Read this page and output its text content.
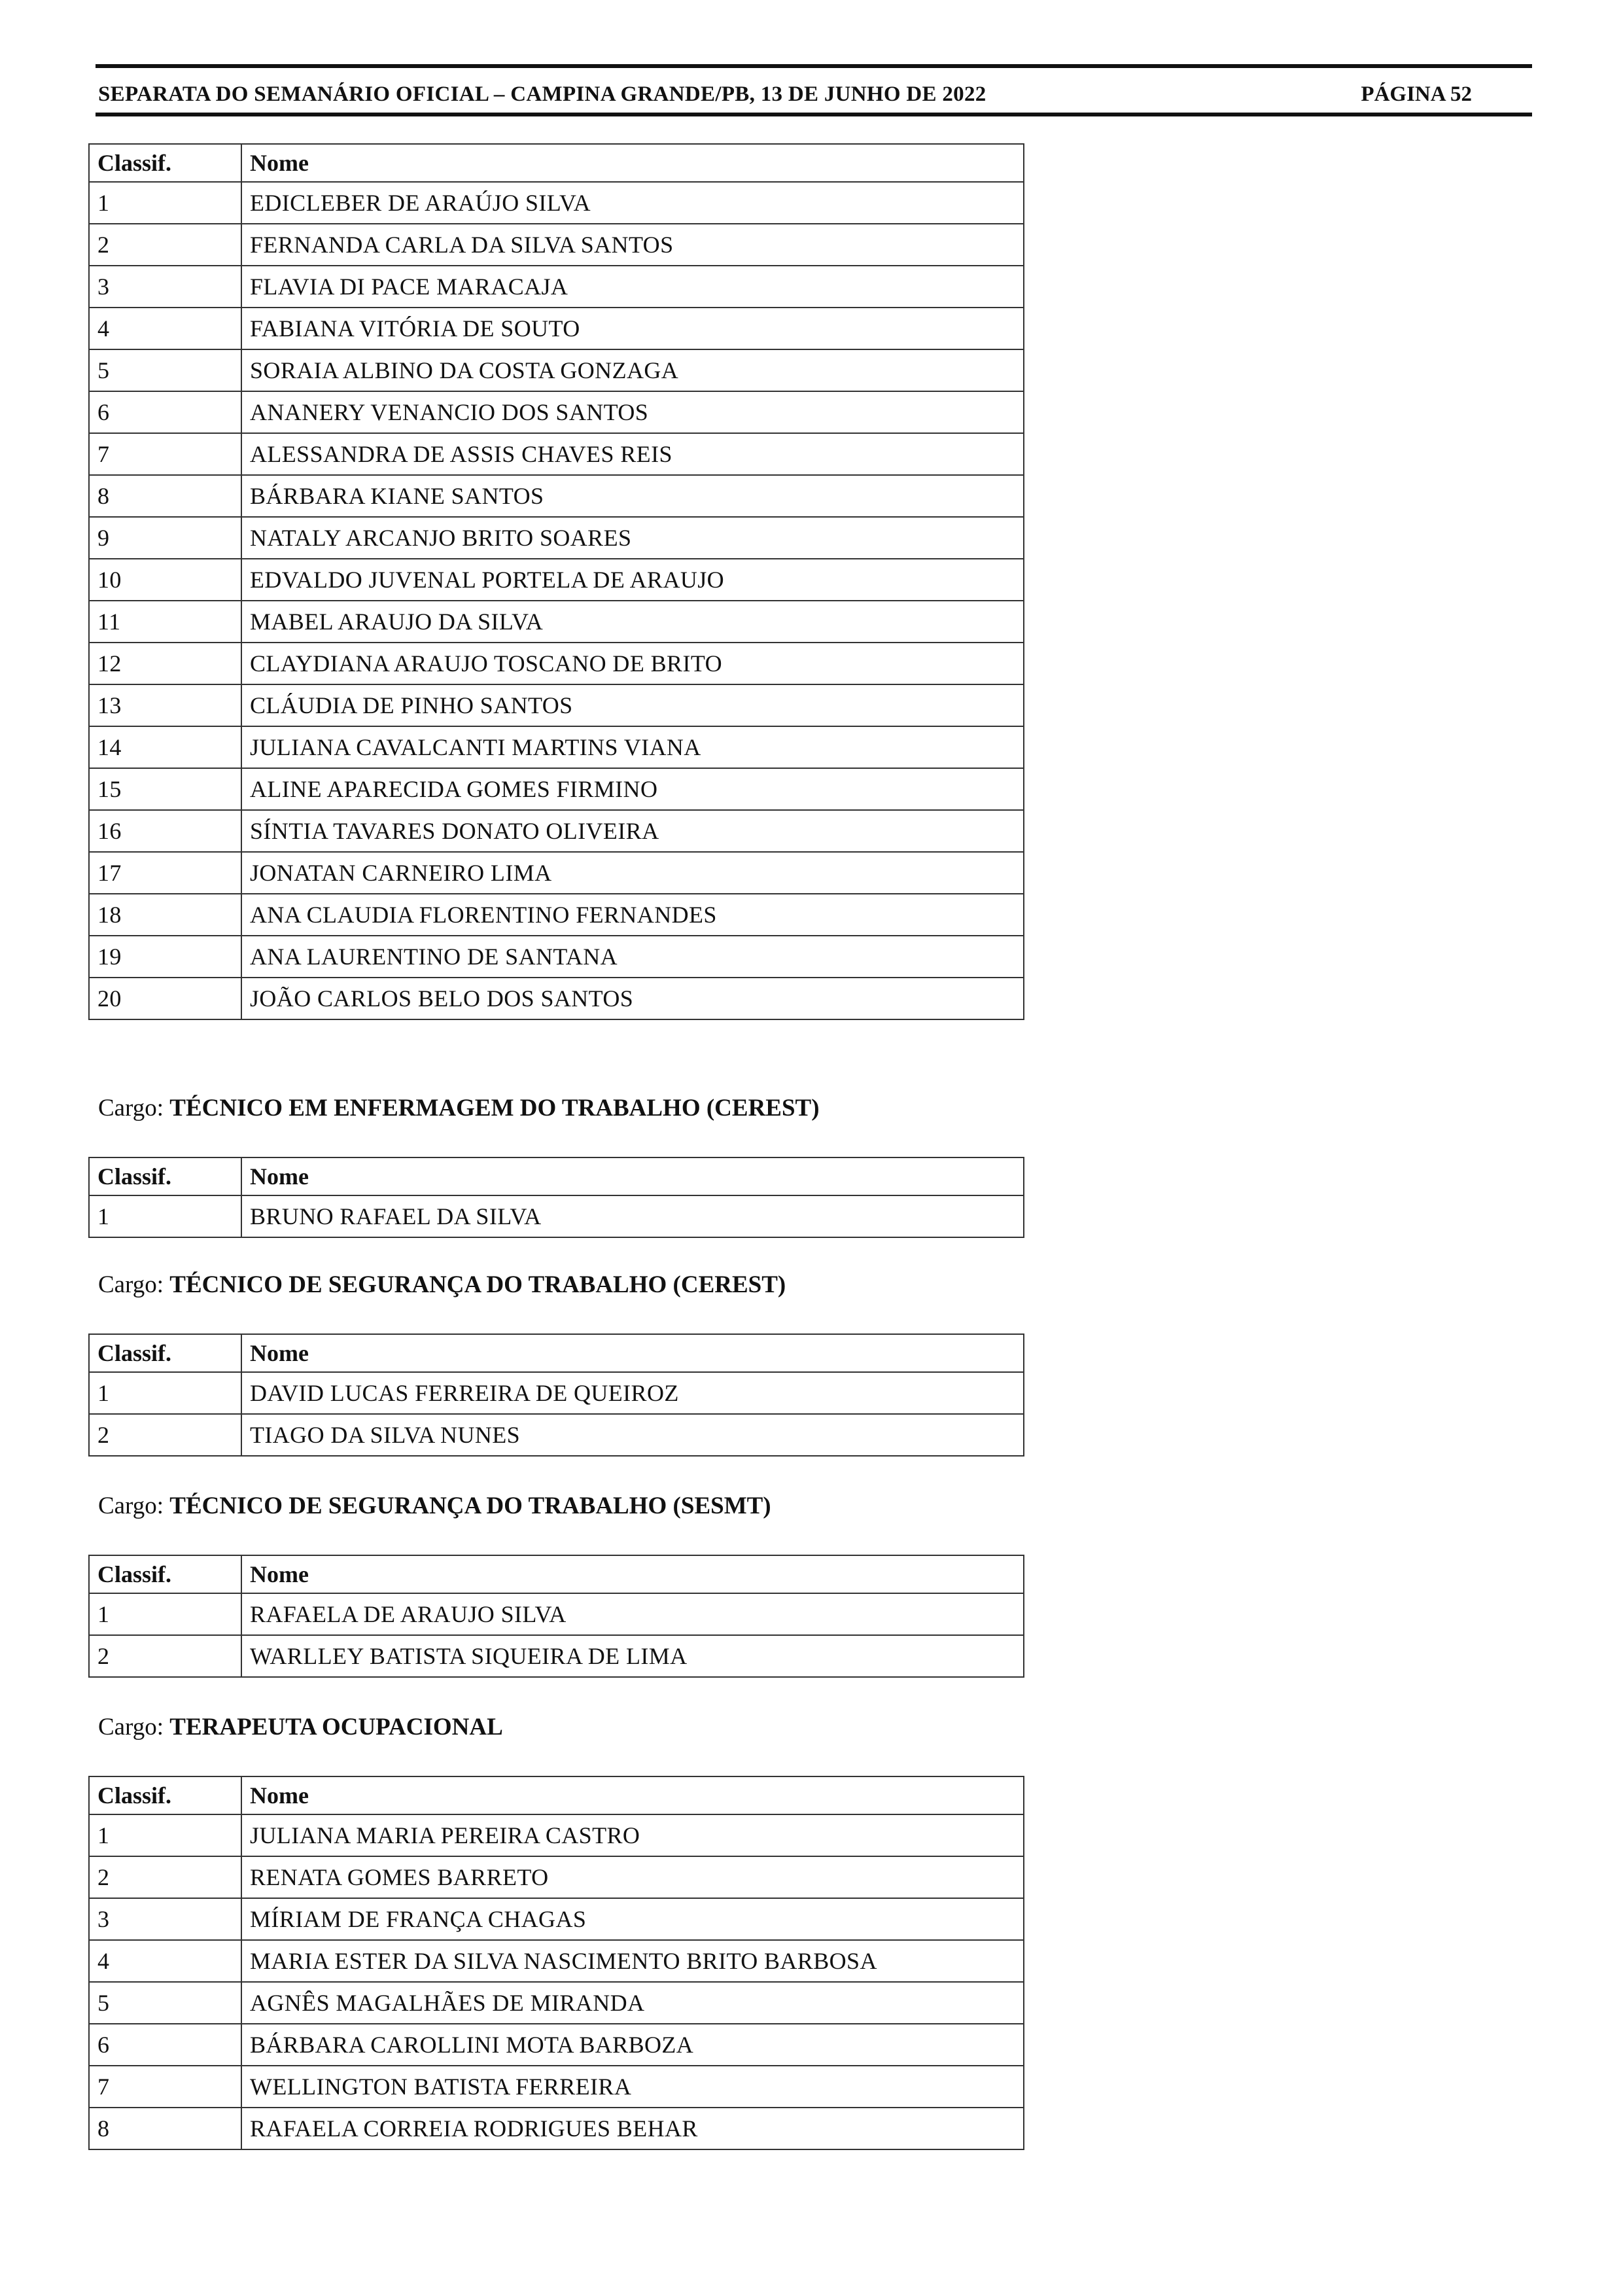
SEPARATA DO SEMANÁRIO OFICIAL – CAMPINA GRANDE/PB, 13 DE JUNHO DE 2022	PÁGINA 52
Classif.	Nome
1	EDICLEBER DE ARAÚJO SILVA
2	FERNANDA CARLA DA SILVA SANTOS
3	FLAVIA DI PACE MARACAJA
4	FABIANA VITÓRIA DE SOUTO
5	SORAIA ALBINO DA COSTA GONZAGA
6	ANANERY VENANCIO DOS SANTOS
7	ALESSANDRA DE ASSIS CHAVES REIS
8	BÁRBARA KIANE SANTOS
9	NATALY ARCANJO BRITO SOARES
10	EDVALDO JUVENAL PORTELA DE ARAUJO
11	MABEL ARAUJO DA SILVA
12	CLAYDIANA ARAUJO TOSCANO DE BRITO
13	CLÁUDIA DE PINHO SANTOS
14	JULIANA CAVALCANTI MARTINS VIANA
15	ALINE APARECIDA GOMES FIRMINO
16	SÍNTIA TAVARES DONATO OLIVEIRA
17	JONATAN CARNEIRO LIMA
18	ANA CLAUDIA FLORENTINO FERNANDES
19	ANA LAURENTINO DE SANTANA
20	JOÃO CARLOS BELO DOS SANTOS
Cargo: TÉCNICO EM ENFERMAGEM DO TRABALHO (CEREST)
Classif.	Nome
1	BRUNO RAFAEL DA SILVA
Cargo: TÉCNICO DE SEGURANÇA DO TRABALHO (CEREST)
Classif.	Nome
1	DAVID LUCAS FERREIRA DE QUEIROZ
2	TIAGO DA SILVA NUNES
Cargo: TÉCNICO DE SEGURANÇA DO TRABALHO (SESMT)
Classif.	Nome
1	RAFAELA DE ARAUJO SILVA
2	WARLLEY BATISTA SIQUEIRA DE LIMA
Cargo: TERAPEUTA OCUPACIONAL
Classif.	Nome
1	JULIANA MARIA PEREIRA CASTRO
2	RENATA GOMES BARRETO
3	MÍRIAM DE FRANÇA CHAGAS
4	MARIA ESTER DA SILVA NASCIMENTO BRITO BARBOSA
5	AGNÊS MAGALHÃES DE MIRANDA
6	BÁRBARA CAROLLINI MOTA BARBOZA
7	WELLINGTON BATISTA FERREIRA
8	RAFAELA CORREIA RODRIGUES BEHAR
